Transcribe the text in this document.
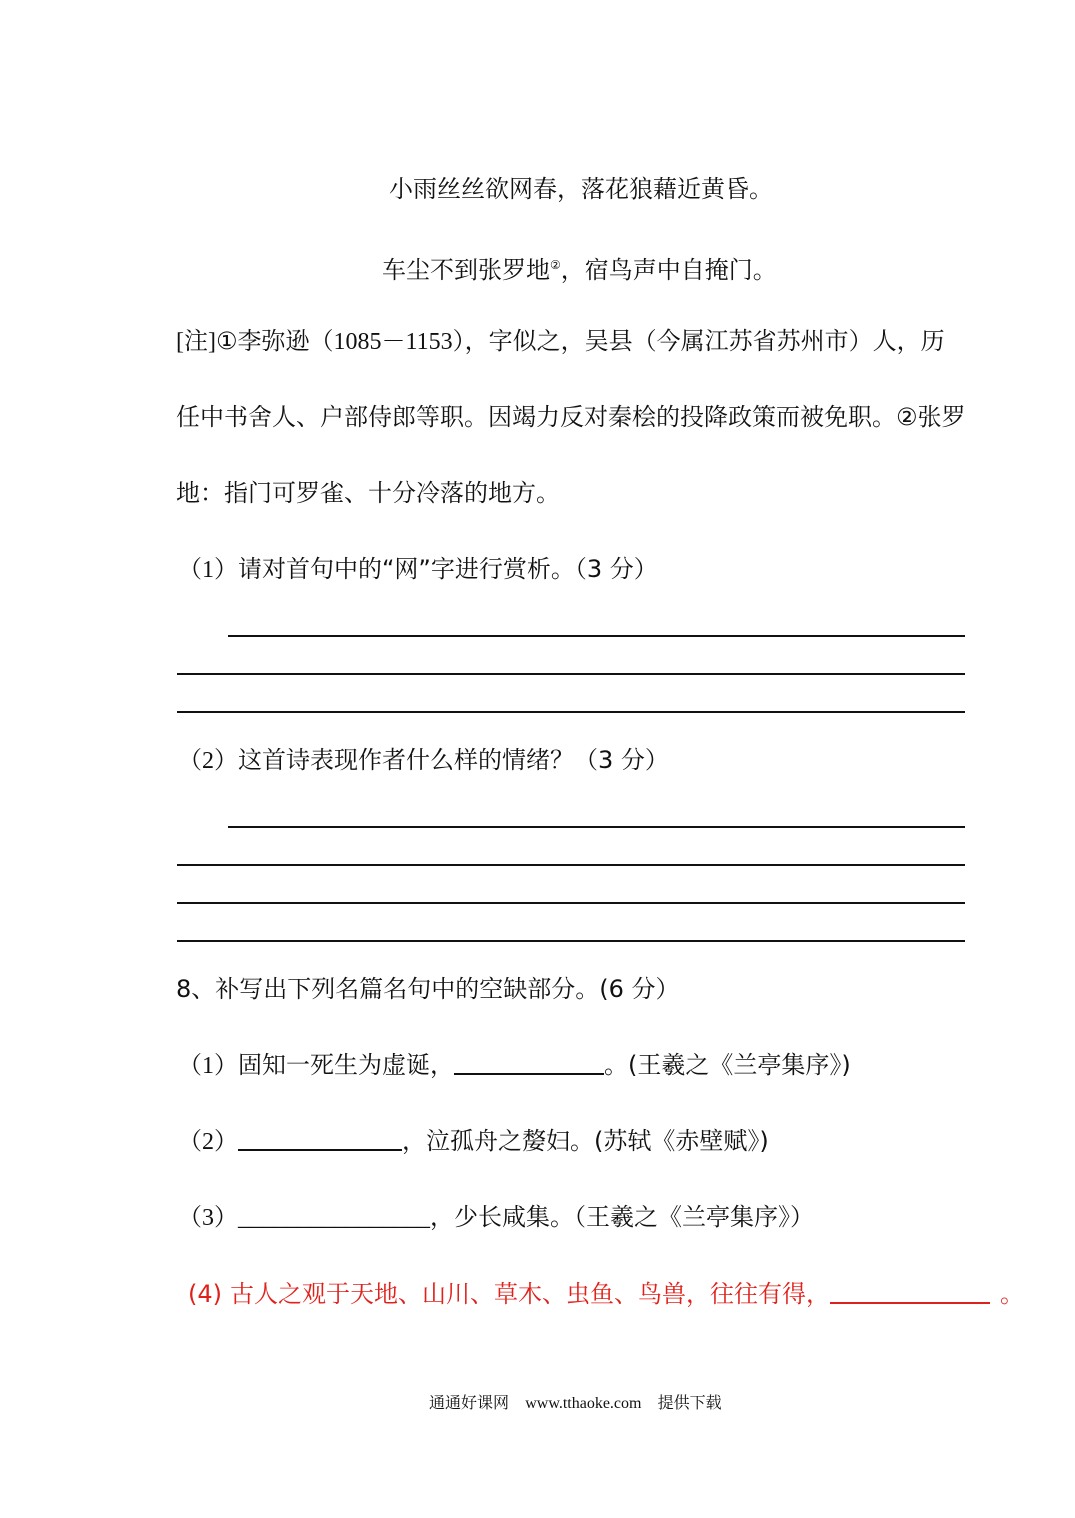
小雨丝丝欲网春，落花狼藉近黄昏。
车尘不到张罗地②，宿鸟声中自掩门。
[注]①李弥逊（1085－1153），字似之，吴县（今属江苏省苏州市）人，历
任中书舍人、户部侍郎等职。因竭力反对秦桧的投降政策而被免职。②张罗
地：指门可罗雀、十分冷落的地方。
（1）请对首句中的“网”字进行赏析。（3 分）
（2）这首诗表现作者什么样的情绪？（3 分）
8、补写出下列名篇名句中的空缺部分。(6 分）
（1）固知一死生为虚诞，	。(王羲之《兰亭集序》)
（2）	，泣孤舟之嫠妇。(苏轼《赤壁赋》)
（3）________________，少长咸集。（王羲之《兰亭集序》）
(4) 古人之观于天地、山川、草木、虫鱼、鸟兽，往往有得，	。
通通好课网 www.tthaoke.com 提供下载
